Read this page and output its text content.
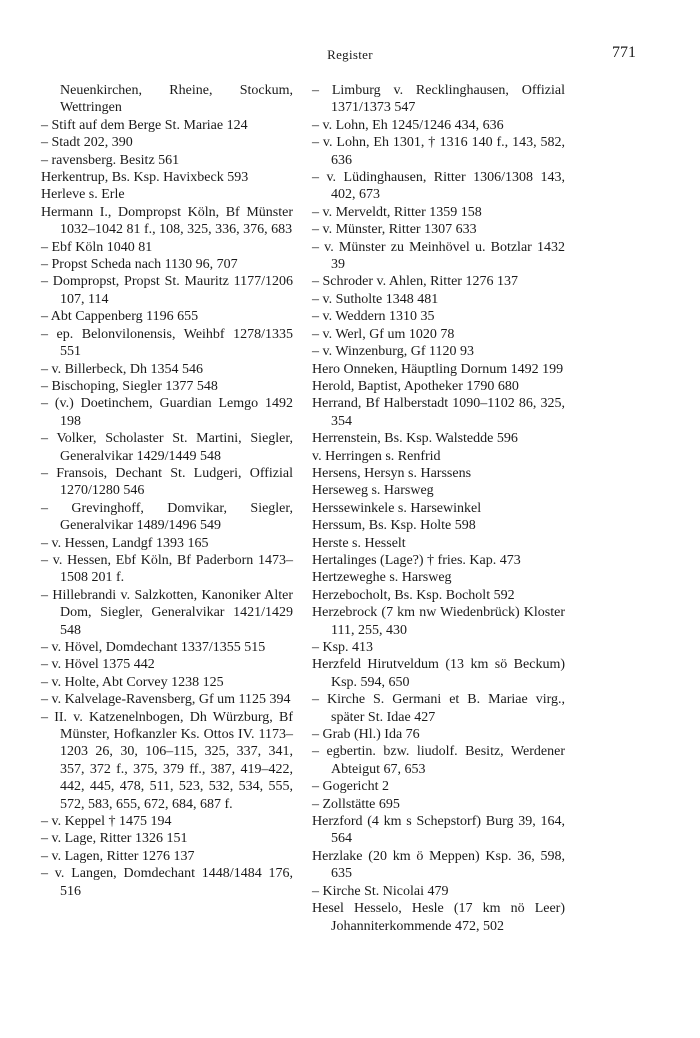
Register	771

Neuenkirchen, Rheine, Stockum, Wettringen

– Stift auf dem Berge St. Mariae 124

– Stadt 202, 390

– ravensberg. Besitz 561

Herkentrup, Bs. Ksp. Havixbeck 593

Herleve s. Erle

Hermann I., Dompropst Köln, Bf Münster 1032–1042 81 f., 108, 325, 336, 376, 683

– Ebf Köln 1040 81

– Propst Scheda nach 1130 96, 707

– Dompropst, Propst St. Mauritz 1177/1206 107, 114

– Abt Cappenberg 1196 655

– ep. Belonvilonensis, Weihbf 1278/1335 551

– v. Billerbeck, Dh 1354 546

– Bischoping, Siegler 1377 548

– (v.) Doetinchem, Guardian Lemgo 1492 198

– Volker, Scholaster St. Martini, Siegler, Generalvikar 1429/1449 548

– Fransois, Dechant St. Ludgeri, Offizial 1270/1280 546

– Grevinghoff, Domvikar, Siegler, Generalvikar 1489/1496 549

– v. Hessen, Landgf 1393 165

– v. Hessen, Ebf Köln, Bf Paderborn 1473–1508 201 f.

– Hillebrandi v. Salzkotten, Kanoniker Alter Dom, Siegler, Generalvikar 1421/1429 548

– v. Hövel, Domdechant 1337/1355 515

– v. Hövel 1375 442

– v. Holte, Abt Corvey 1238 125

– v. Kalvelage-Ravensberg, Gf um 1125 394

– II. v. Katzenelnbogen, Dh Würzburg, Bf Münster, Hofkanzler Ks. Ottos IV. 1173–1203 26, 30, 106–115, 325, 337, 341, 357, 372 f., 375, 379 ff., 387, 419–422, 442, 445, 478, 511, 523, 532, 534, 555, 572, 583, 655, 672, 684, 687 f.

– v. Keppel † 1475 194

– v. Lage, Ritter 1326 151

– v. Lagen, Ritter 1276 137

– v. Langen, Domdechant 1448/1484 176, 516

– Limburg v. Recklinghausen, Offizial 1371/1373 547

– v. Lohn, Eh 1245/1246 434, 636

– v. Lohn, Eh 1301, † 1316 140 f., 143, 582, 636

– v. Lüdinghausen, Ritter 1306/1308 143, 402, 673

– v. Merveldt, Ritter 1359 158

– v. Münster, Ritter 1307 633

– v. Münster zu Meinhövel u. Botzlar 1432 39

– Schroder v. Ahlen, Ritter 1276 137

– v. Sutholte 1348 481

– v. Weddern 1310 35

– v. Werl, Gf um 1020 78

– v. Winzenburg, Gf 1120 93

Hero Onneken, Häuptling Dornum 1492 199

Herold, Baptist, Apotheker 1790 680

Herrand, Bf Halberstadt 1090–1102 86, 325, 354

Herrenstein, Bs. Ksp. Walstedde 596

v. Herringen s. Renfrid

Hersens, Hersyn s. Harssens

Herseweg s. Harsweg

Herssewinkele s. Harsewinkel

Herssum, Bs. Ksp. Holte 598

Herste s. Hesselt

Hertalinges (Lage?) † fries. Kap. 473

Hertzeweghe s. Harsweg

Herzebocholt, Bs. Ksp. Bocholt 592

Herzebrock (7 km nw Wiedenbrück) Kloster 111, 255, 430

– Ksp. 413

Herzfeld Hirutveldum (13 km sö Beckum) Ksp. 594, 650

– Kirche S. Germani et B. Mariae virg., später St. Idae 427

– Grab (Hl.) Ida 76

– egbertin. bzw. liudolf. Besitz, Werdener Abteigut 67, 653

– Gogericht 2

– Zollstätte 695

Herzford (4 km s Schepstorf) Burg 39, 164, 564

Herzlake (20 km ö Meppen) Ksp. 36, 598, 635

– Kirche St. Nicolai 479

Hesel Hesselo, Hesle (17 km nö Leer) Johanniterkommende 472, 502
